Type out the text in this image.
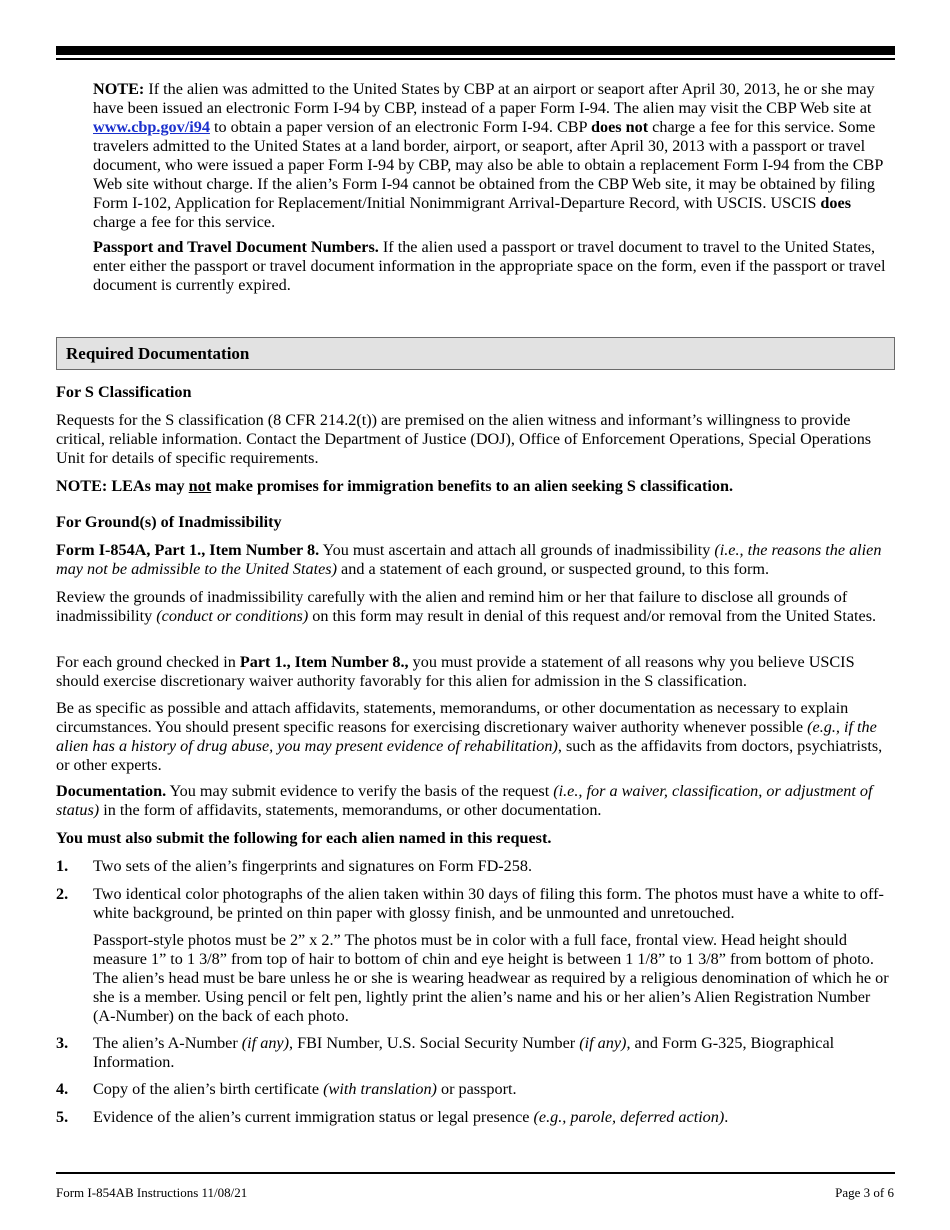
NOTE: If the alien was admitted to the United States by CBP at an airport or seaport after April 30, 2013, he or she may have been issued an electronic Form I-94 by CBP, instead of a paper Form I-94. The alien may visit the CBP Web site at www.cbp.gov/i94 to obtain a paper version of an electronic Form I-94. CBP does not charge a fee for this service. Some travelers admitted to the United States at a land border, airport, or seaport, after April 30, 2013 with a passport or travel document, who were issued a paper Form I-94 by CBP, may also be able to obtain a replacement Form I-94 from the CBP Web site without charge. If the alien’s Form I-94 cannot be obtained from the CBP Web site, it may be obtained by filing Form I-102, Application for Replacement/Initial Nonimmigrant Arrival-Departure Record, with USCIS. USCIS does charge a fee for this service.

Passport and Travel Document Numbers. If the alien used a passport or travel document to travel to the United States, enter either the passport or travel document information in the appropriate space on the form, even if the passport or travel document is currently expired.

Required Documentation

For S Classification

Requests for the S classification (8 CFR 214.2(t)) are premised on the alien witness and informant’s willingness to provide critical, reliable information. Contact the Department of Justice (DOJ), Office of Enforcement Operations, Special Operations Unit for details of specific requirements.

NOTE: LEAs may not make promises for immigration benefits to an alien seeking S classification.

For Ground(s) of Inadmissibility

Form I-854A, Part 1., Item Number 8. You must ascertain and attach all grounds of inadmissibility (i.e., the reasons the alien may not be admissible to the United States) and a statement of each ground, or suspected ground, to this form.

Review the grounds of inadmissibility carefully with the alien and remind him or her that failure to disclose all grounds of inadmissibility (conduct or conditions) on this form may result in denial of this request and/or removal from the United States.

For each ground checked in Part 1., Item Number 8., you must provide a statement of all reasons why you believe USCIS should exercise discretionary waiver authority favorably for this alien for admission in the S classification.

Be as specific as possible and attach affidavits, statements, memorandums, or other documentation as necessary to explain circumstances. You should present specific reasons for exercising discretionary waiver authority whenever possible (e.g., if the alien has a history of drug abuse, you may present evidence of rehabilitation), such as the affidavits from doctors, psychiatrists, or other experts.

Documentation. You may submit evidence to verify the basis of the request (i.e., for a waiver, classification, or adjustment of status) in the form of affidavits, statements, memorandums, or other documentation.

You must also submit the following for each alien named in this request.

1. Two sets of the alien’s fingerprints and signatures on Form FD-258.

2. Two identical color photographs of the alien taken within 30 days of filing this form. The photos must have a white to off-white background, be printed on thin paper with glossy finish, and be unmounted and unretouched.

Passport-style photos must be 2” x 2.” The photos must be in color with a full face, frontal view. Head height should measure 1” to 1 3/8” from top of hair to bottom of chin and eye height is between 1 1/8” to 1 3/8” from bottom of photo. The alien’s head must be bare unless he or she is wearing headwear as required by a religious denomination of which he or she is a member. Using pencil or felt pen, lightly print the alien’s name and his or her alien’s Alien Registration Number (A-Number) on the back of each photo.

3. The alien’s A-Number (if any), FBI Number, U.S. Social Security Number (if any), and Form G-325, Biographical Information.

4. Copy of the alien’s birth certificate (with translation) or passport.

5. Evidence of the alien’s current immigration status or legal presence (e.g., parole, deferred action).

Form I-854AB Instructions 11/08/21	Page 3 of 6
